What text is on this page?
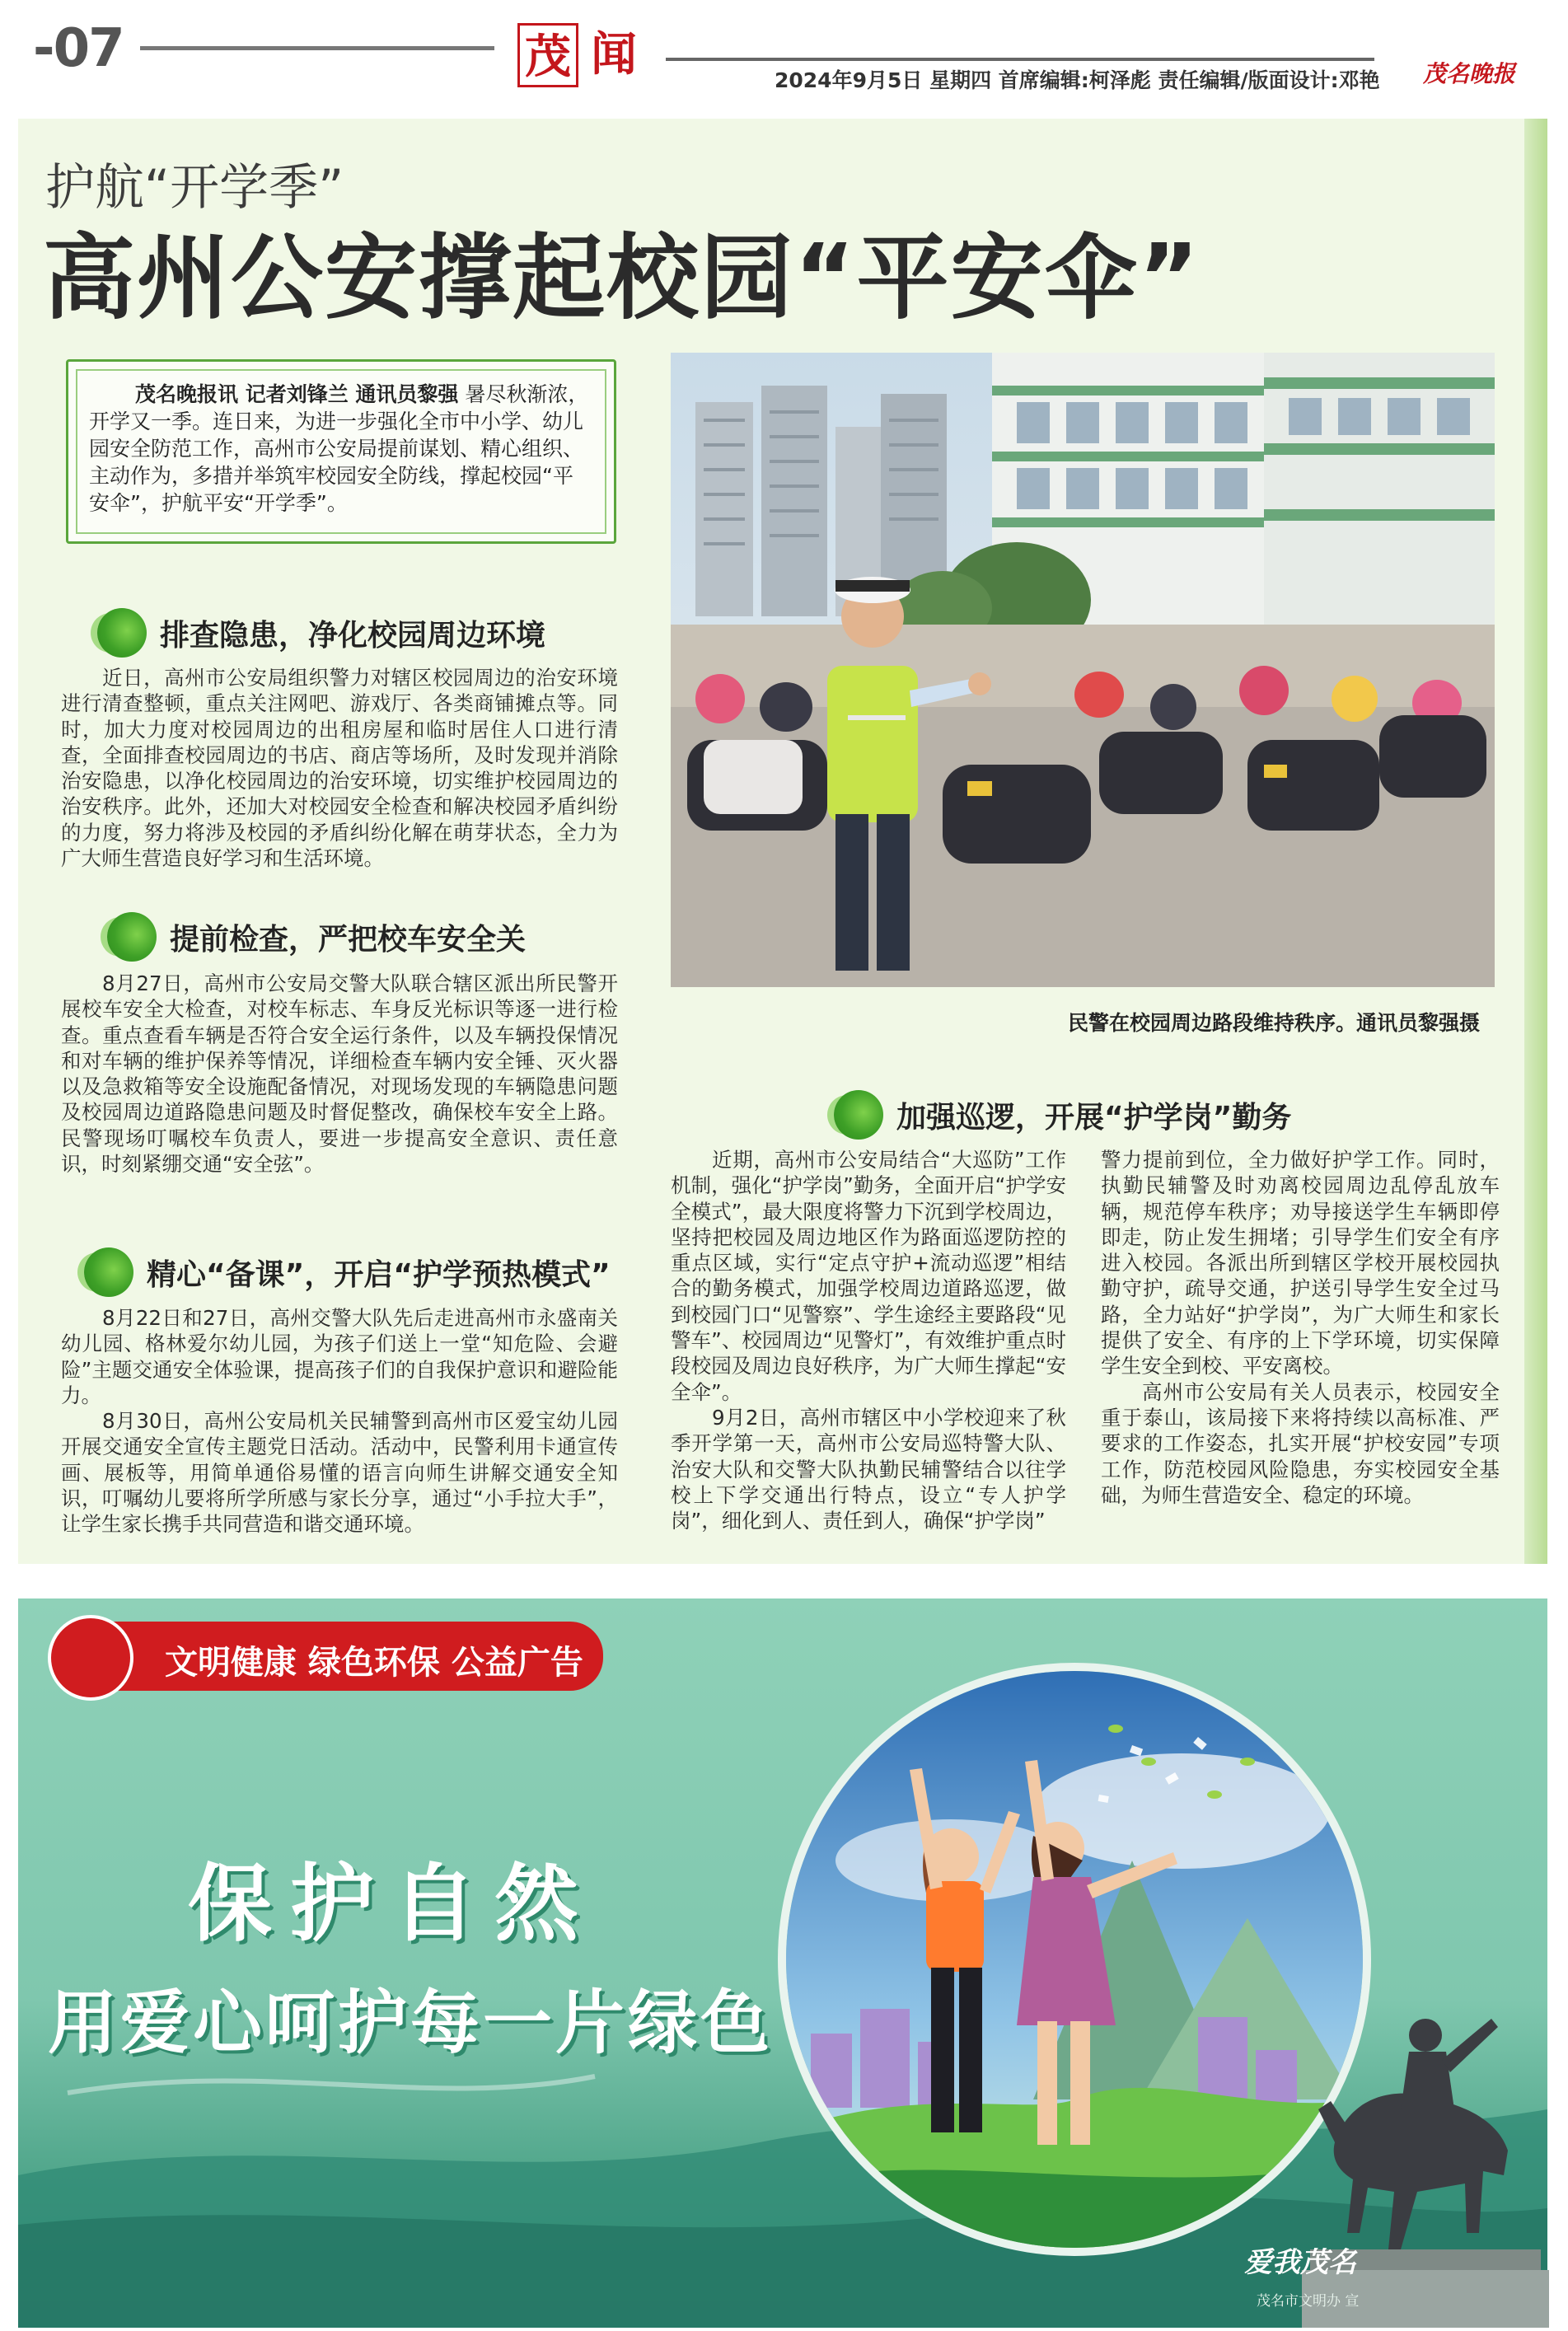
-07	茂 闻	2024年9月5日 星期四 首席编辑:柯泽彪 责任编辑/版面设计:邓艳	茂名晚报
护航“开学季”
高州公安撑起校园“平安伞”
茂名晚报讯 记者刘锋兰 通讯员黎强 暑尽秋渐浓，开学又一季。连日来，为进一步强化全市中小学、幼儿园安全防范工作，高州市公安局提前谋划、精心组织、主动作为，多措并举筑牢校园安全防线，撑起校园“平安伞”，护航平安“开学季”。
排查隐患，净化校园周边环境

近日，高州市公安局组织警力对辖区校园周边的治安环境进行清查整顿，重点关注网吧、游戏厅、各类商铺摊点等。同时，加大力度对校园周边的出租房屋和临时居住人口进行清查，全面排查校园周边的书店、商店等场所，及时发现并消除治安隐患，以净化校园周边的治安环境，切实维护校园周边的治安秩序。此外，还加大对校园安全检查和解决校园矛盾纠纷的力度，努力将涉及校园的矛盾纠纷化解在萌芽状态，全力为广大师生营造良好学习和生活环境。

提前检查，严把校车安全关

8月27日，高州市公安局交警大队联合辖区派出所民警开展校车安全大检查，对校车标志、车身反光标识等逐一进行检查。重点查看车辆是否符合安全运行条件，以及车辆投保情况和对车辆的维护保养等情况，详细检查车辆内安全锤、灭火器以及急救箱等安全设施配备情况，对现场发现的车辆隐患问题及校园周边道路隐患问题及时督促整改，确保校车安全上路。民警现场叮嘱校车负责人，要进一步提高安全意识、责任意识，时刻紧绷交通“安全弦”。

精心“备课”，开启“护学预热模式”

8月22日和27日，高州交警大队先后走进高州市永盛南关幼儿园、格林爱尔幼儿园，为孩子们送上一堂“知危险、会避险”主题交通安全体验课，提高孩子们的自我保护意识和避险能力。

8月30日，高州公安局机关民辅警到高州市区爱宝幼儿园开展交通安全宣传主题党日活动。活动中，民警利用卡通宣传画、展板等，用简单通俗易懂的语言向师生讲解交通安全知识，叮嘱幼儿要将所学所感与家长分享，通过“小手拉大手”，让学生家长携手共同营造和谐交通环境。

民警在校园周边路段维持秩序。通讯员黎强摄
加强巡逻，开展“护学岗”勤务

近期，高州市公安局结合“大巡防”工作机制，强化“护学岗”勤务，全面开启“护学安全模式”，最大限度将警力下沉到学校周边，坚持把校园及周边地区作为路面巡逻防控的重点区域，实行“定点守护+流动巡逻”相结合的勤务模式，加强学校周边道路巡逻，做到校园门口“见警察”、学生途经主要路段“见警车”、校园周边“见警灯”，有效维护重点时段校园及周边良好秩序，为广大师生撑起“安全伞”。

9月2日，高州市辖区中小学校迎来了秋季开学第一天，高州市公安局巡特警大队、治安大队和交警大队执勤民辅警结合以往学校上下学交通出行特点，设立“专人护学岗”，细化到人、责任到人，确保“护学岗”

警力提前到位，全力做好护学工作。同时，执勤民辅警及时劝离校园周边乱停乱放车辆，规范停车秩序；劝导接送学生车辆即停即走，防止发生拥堵；引导学生们安全有序进入校园。各派出所到辖区学校开展校园执勤守护，疏导交通，护送引导学生安全过马路，全力站好“护学岗”，为广大师生和家长提供了安全、有序的上下学环境，切实保障学生安全到校、平安离校。

高州市公安局有关人员表示，校园安全重于泰山，该局接下来将持续以高标准、严要求的工作姿态，扎实开展“护校安园”专项工作，防范校园风险隐患，夯实校园安全基础，为师生营造安全、稳定的环境。

文明健康 绿色环保 公益广告
保护自然
用爱心呵护每一片绿色
爱我茂名
茂名市文明办 宣
